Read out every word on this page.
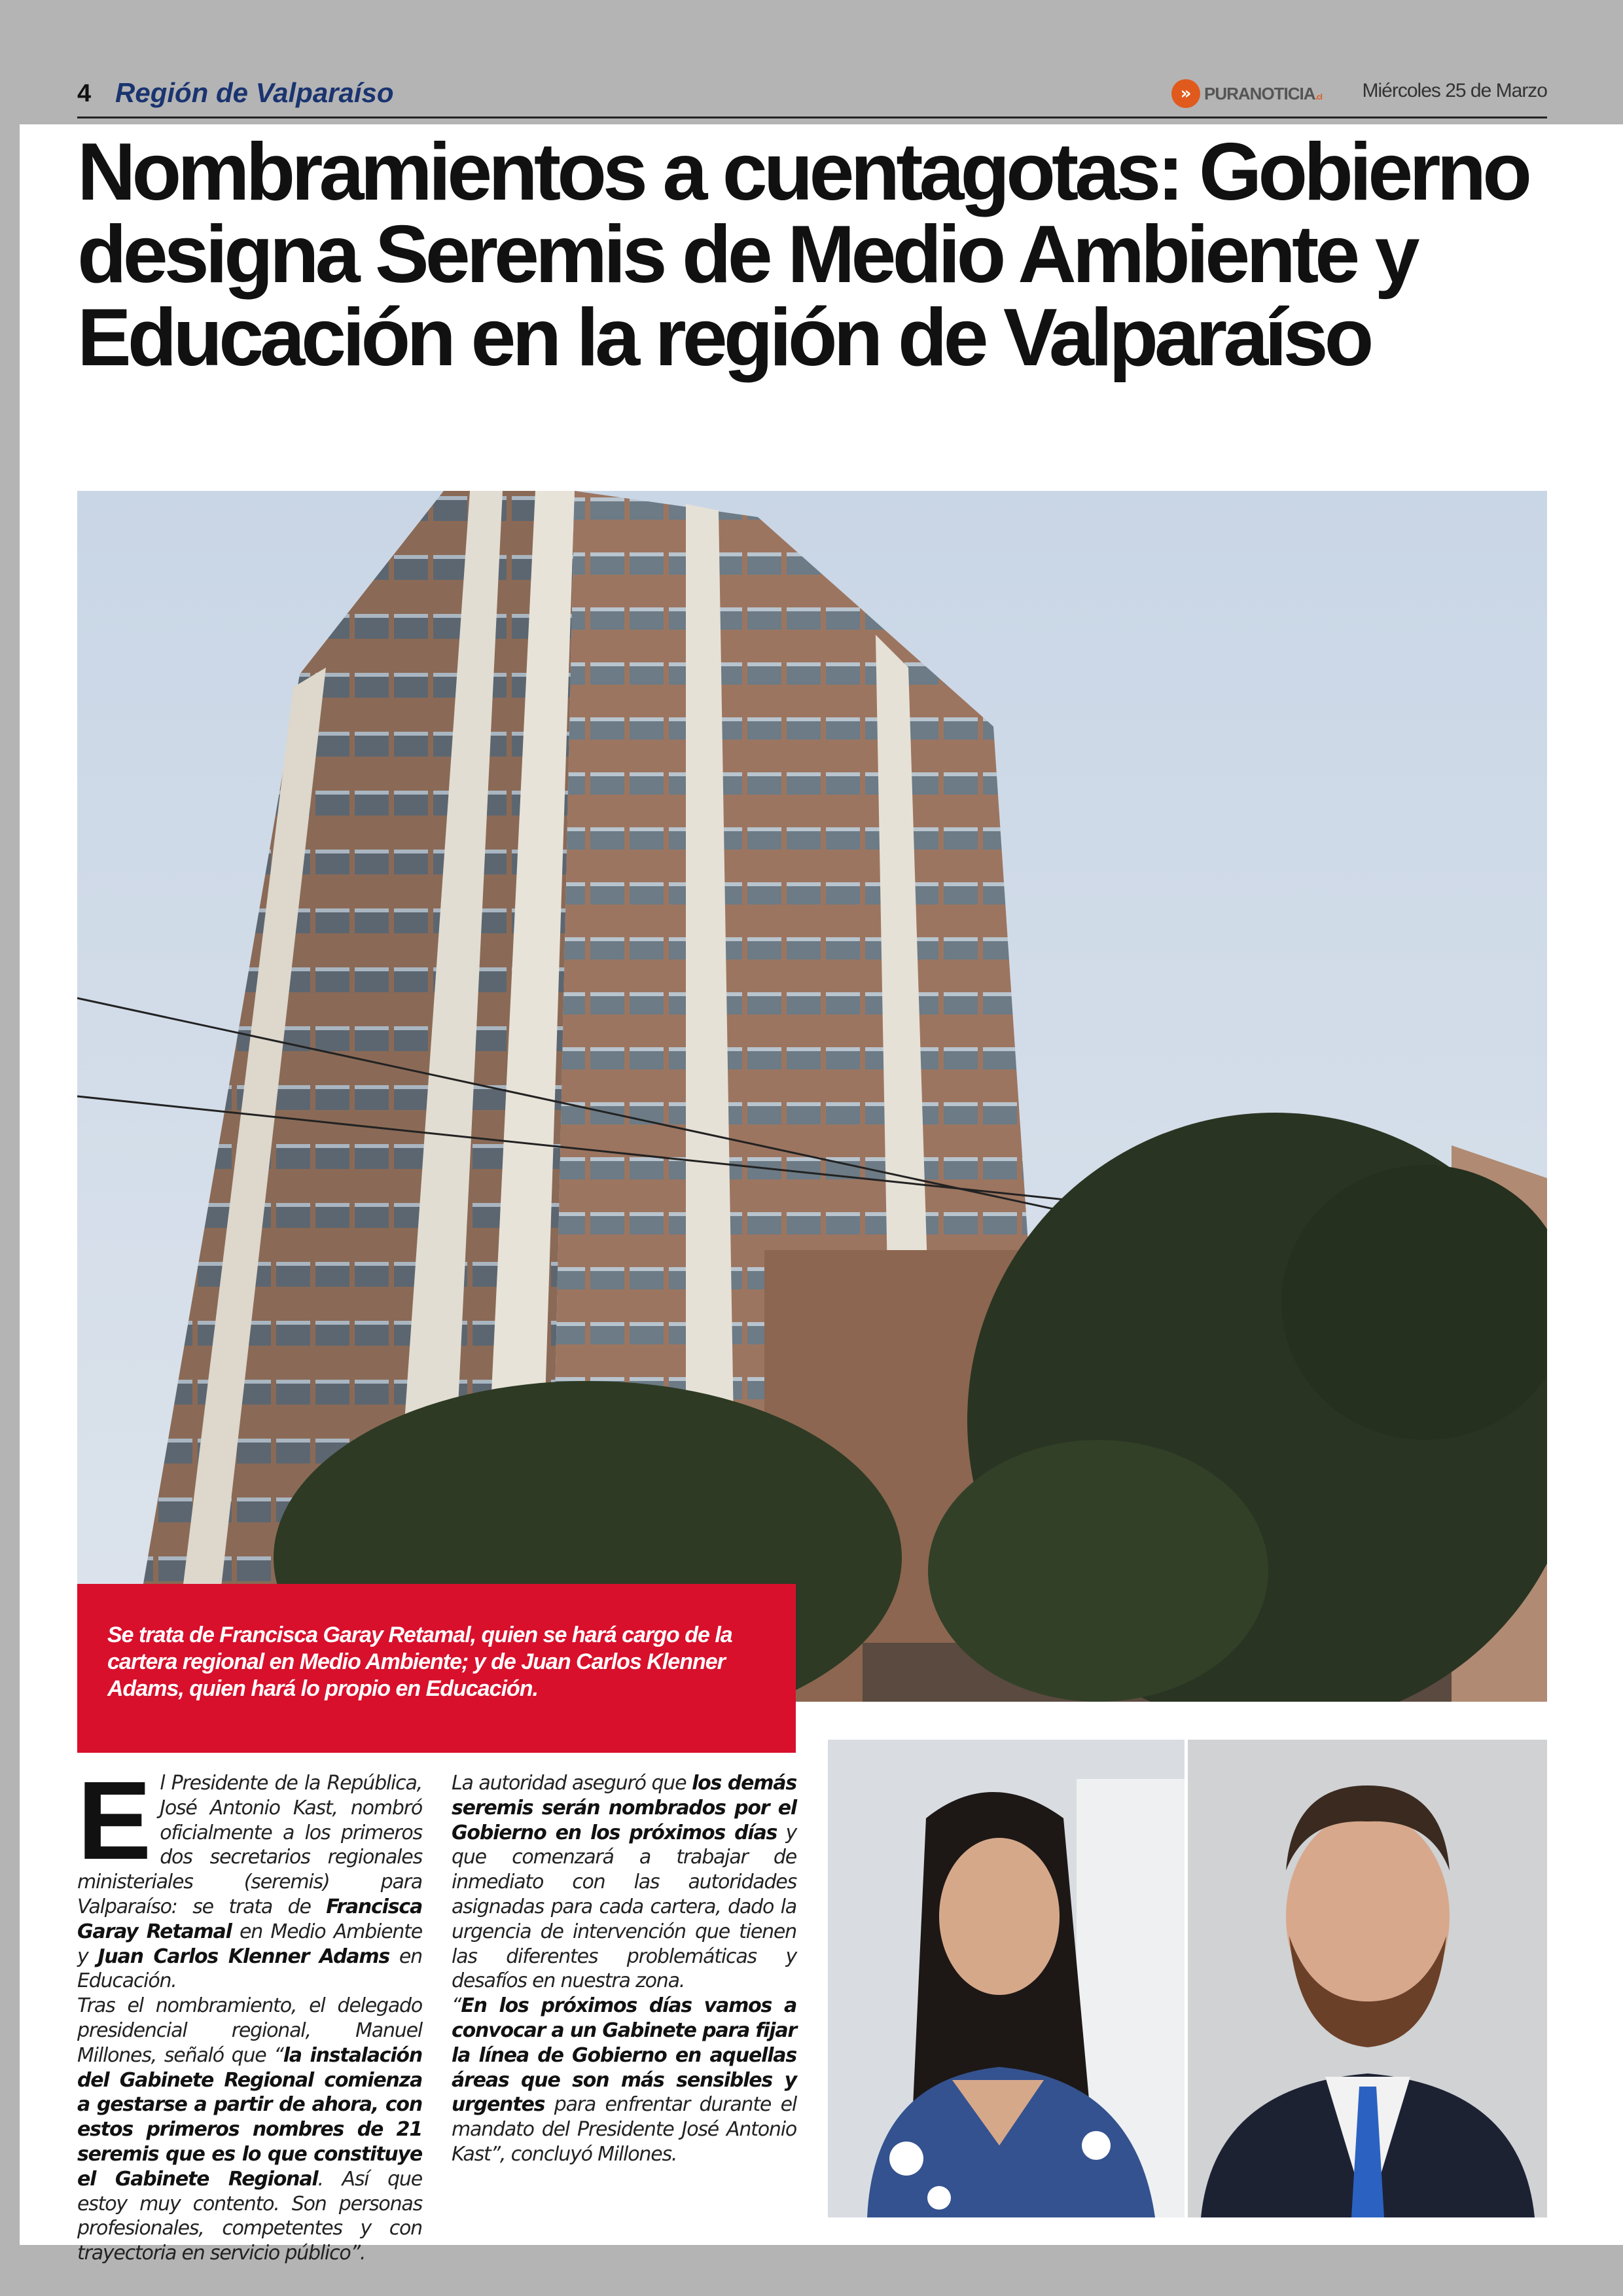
4 Región de Valparaíso	» PURANOTICIA.cl Miércoles 25 de Marzo
Nombramientos a cuentagotas: Gobierno designa Seremis de Medio Ambiente y Educación en la región de Valparaíso
Se trata de Francisca Garay Retamal, quien se hará cargo de la cartera regional en Medio Ambiente; y de Juan Carlos Klenner Adams, quien hará lo propio en Educación.

El Presidente de la República, José Antonio Kast, nombró oficialmente a los primeros dos secretarios regionales ministeriales (seremis) para Valparaíso: se trata de Francisca Garay Retamal en Medio Ambiente y Juan Carlos Klenner Adams en Educación.

Tras el nombramiento, el delegado presidencial regional, Manuel Millones, señaló que “la instalación del Gabinete Regional comienza a gestarse a partir de ahora, con estos primeros nombres de 21 seremis que es lo que constituye el Gabinete Regional. Así que estoy muy contento. Son personas profesionales, competentes y con trayectoria en servicio público”.

La autoridad aseguró que los demás seremis serán nombrados por el Gobierno en los próximos días y que comenzará a trabajar de inmediato con las autoridades asignadas para cada cartera, dado la urgencia de intervención que tienen las diferentes problemáticas y desafíos en nuestra zona.

“En los próximos días vamos a convocar a un Gabinete para fijar la línea de Gobierno en aquellas áreas que son más sensibles y urgentes para enfrentar durante el mandato del Presidente José Antonio Kast”, concluyó Millones.
